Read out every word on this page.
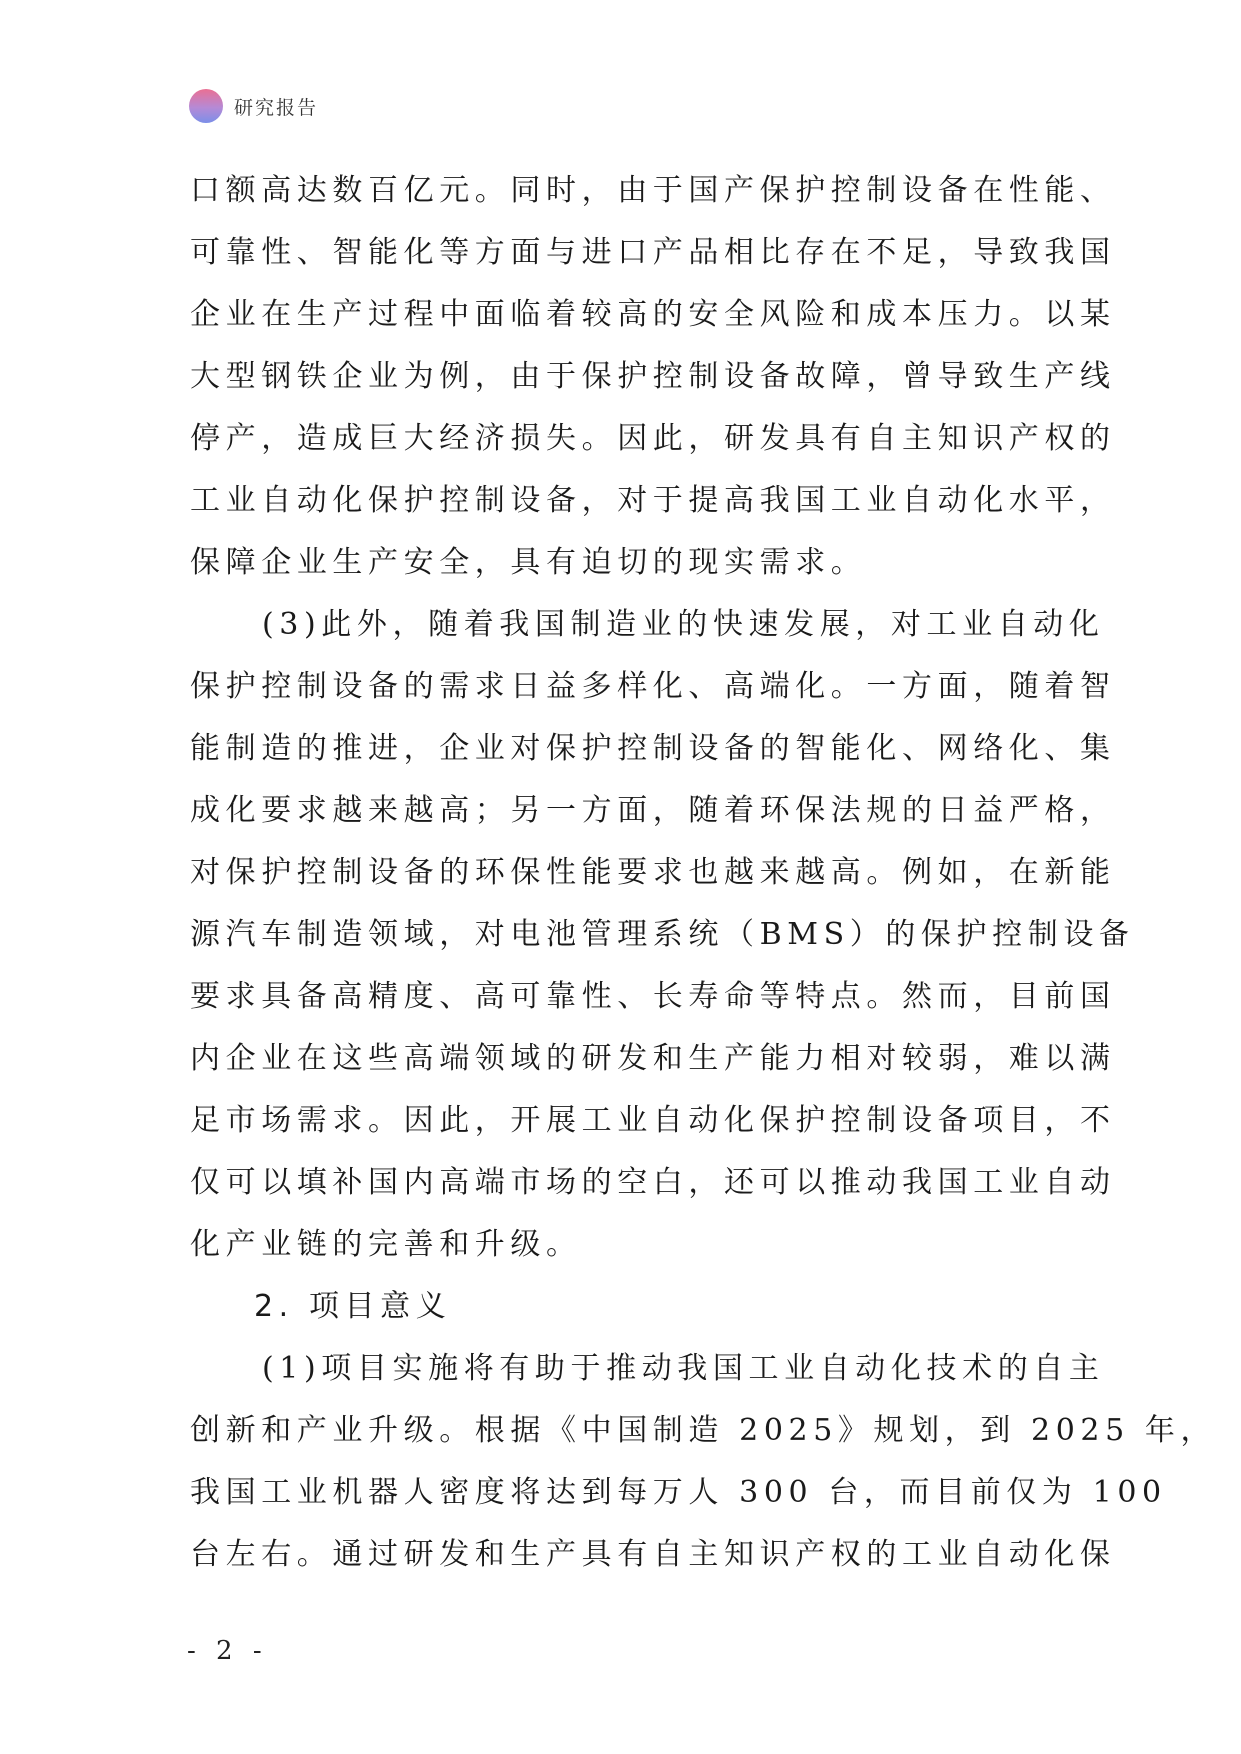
研究报告
口额高达数百亿元。同时，由于国产保护控制设备在性能、
可靠性、智能化等方面与进口产品相比存在不足，导致我国
企业在生产过程中面临着较高的安全风险和成本压力。以某
大型钢铁企业为例，由于保护控制设备故障，曾导致生产线
停产，造成巨大经济损失。因此，研发具有自主知识产权的
工业自动化保护控制设备，对于提高我国工业自动化水平，
保障企业生产安全，具有迫切的现实需求。
(3)此外，随着我国制造业的快速发展，对工业自动化
保护控制设备的需求日益多样化、高端化。一方面，随着智
能制造的推进，企业对保护控制设备的智能化、网络化、集
成化要求越来越高；另一方面，随着环保法规的日益严格，
对保护控制设备的环保性能要求也越来越高。例如，在新能
源汽车制造领域，对电池管理系统（BMS）的保护控制设备
要求具备高精度、高可靠性、长寿命等特点。然而，目前国
内企业在这些高端领域的研发和生产能力相对较弱，难以满
足市场需求。因此，开展工业自动化保护控制设备项目，不
仅可以填补国内高端市场的空白，还可以推动我国工业自动
化产业链的完善和升级。
2. 项目意义
(1)项目实施将有助于推动我国工业自动化技术的自主
创新和产业升级。根据《中国制造 2025》规划，到 2025 年，
我国工业机器人密度将达到每万人 300 台，而目前仅为 100
台左右。通过研发和生产具有自主知识产权的工业自动化保
- 2 -
